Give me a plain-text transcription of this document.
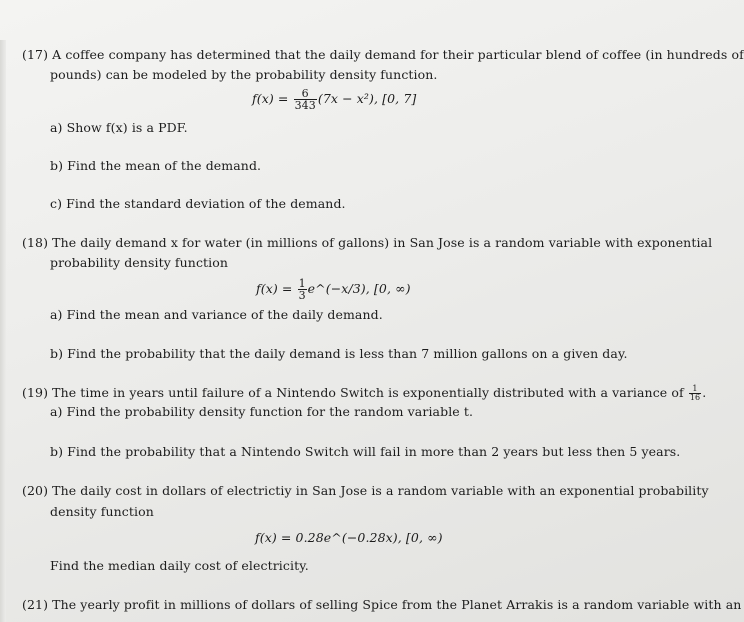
(17) A coffee company has determined that the daily demand for their particular blend of coffee (in hundreds of
pounds) can be modeled by the probability density function.
$f(x) = \frac{6}{343} (7x - x^2)$, [0, 7]
a) Show f(x) is a PDF.
b) Find the mean of the demand.
c) Find the standard deviation of the demand.
(18) The daily demand x for water (in millions of gallons) in San Jose is a random variable with exponential
probability density function
$f(x) = \frac{1}{3}$ e^(−x/3), [0, ∞)
a) Find the mean and variance of the daily demand.
b) Find the probability that the daily demand is less than 7 million gallons on a given day.
(19) The time in years until failure of a Nintendo Switch is exponentially distributed with a variance of $\frac{1}{16}$ .
a) Find the probability density function for the random variable t.
b) Find the probability that a Nintendo Switch will fail in more than 2 years but less then 5 years.
(20) The daily cost in dollars of electrictiy in San Jose is a random variable with an exponential probability
density function
f(x) = 0.28e^(−0.28x), [0, ∞)
Find the median daily cost of electricity.
(21) The yearly profit in millions of dollars of selling Spice from the Planet Arrakis is a random variable with an
